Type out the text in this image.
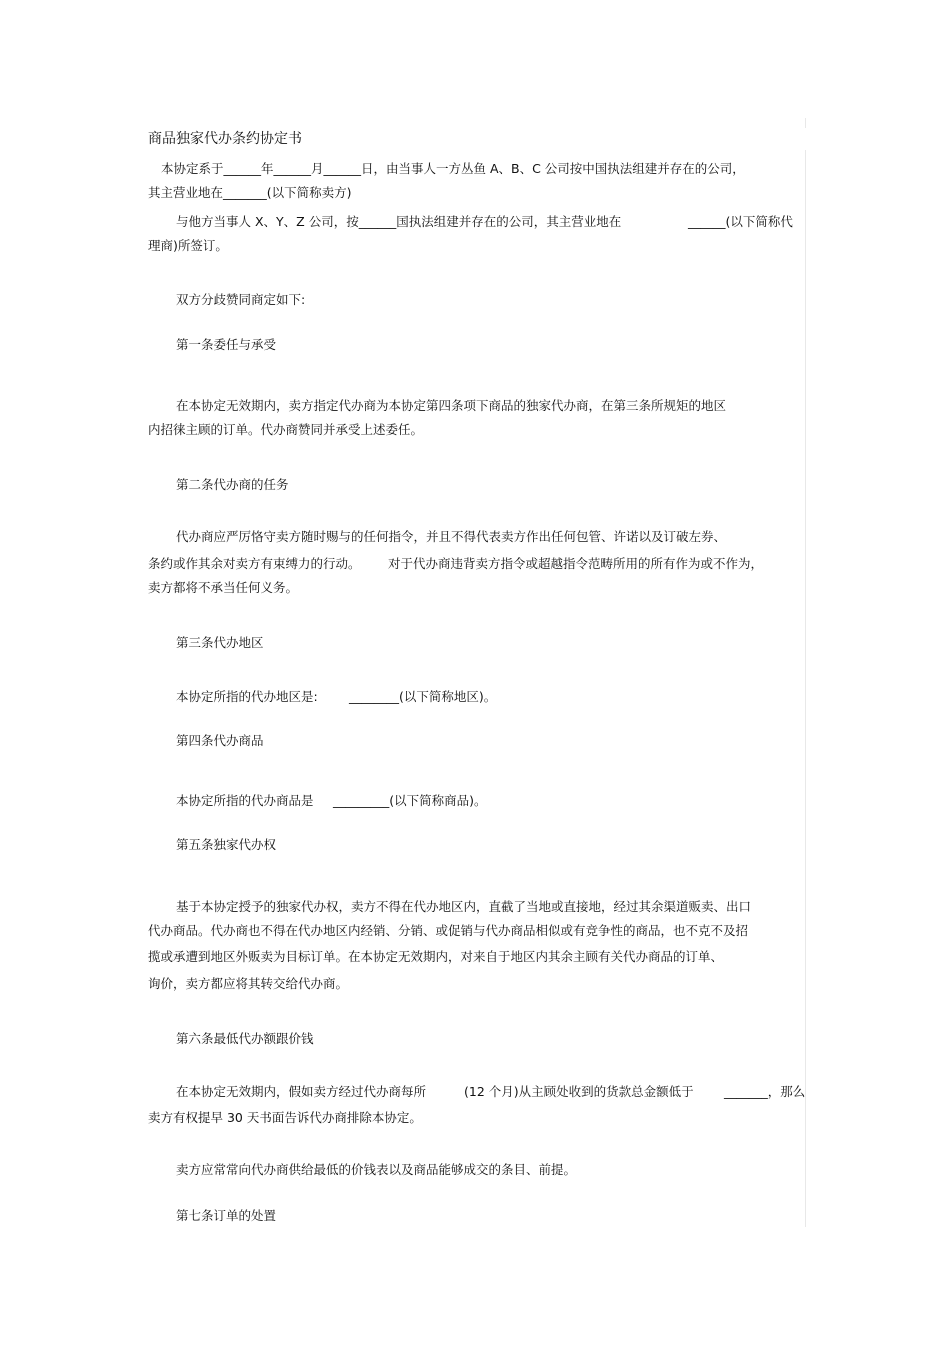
商品独家代办条约协定书
本协定系于______年______月______日，由当事人一方丛鱼 A、B、C 公司按中国执法组建并存在的公司，
其主营业地在_______(以下简称卖方)
与他方当事人 X、Y、Z 公司，按______国执法组建并存在的公司，其主营业地在	______(以下简称代
理商)所签订。
双方分歧赞同商定如下:
第一条委任与承受
在本协定无效期内，卖方指定代办商为本协定第四条项下商品的独家代办商，在第三条所规矩的地区
内招徕主顾的订单。代办商赞同并承受上述委任。
第二条代办商的任务
代办商应严厉恪守卖方随时赐与的任何指令，并且不得代表卖方作出任何包管、许诺以及订破左券、
条约或作其余对卖方有束缚力的行动。 对于代办商违背卖方指令或超越指令范畴所用的所有作为或不作为，
卖方都将不承当任何义务。
第三条代办地区
本协定所指的代办地区是:	________(以下简称地区)。
第四条代办商品
本协定所指的代办商品是 _________(以下简称商品)。
第五条独家代办权
基于本协定授予的独家代办权，卖方不得在代办地区内，直截了当地或直接地，经过其余渠道贩卖、出口
代办商品。代办商也不得在代办地区内经销、分销、或促销与代办商品相似或有竞争性的商品，也不克不及招
揽或承遭到地区外贩卖为目标订单。在本协定无效期内，对来自于地区内其余主顾有关代办商品的订单、
询价，卖方都应将其转交给代办商。
第六条最低代办额跟价钱
在本协定无效期内，假如卖方经过代办商每所	(12 个月)从主顾处收到的货款总金额低于 _______，那么
卖方有权提早 30 天书面告诉代办商排除本协定。
卖方应常常向代办商供给最低的价钱表以及商品能够成交的条目、前提。
第七条订单的处置
